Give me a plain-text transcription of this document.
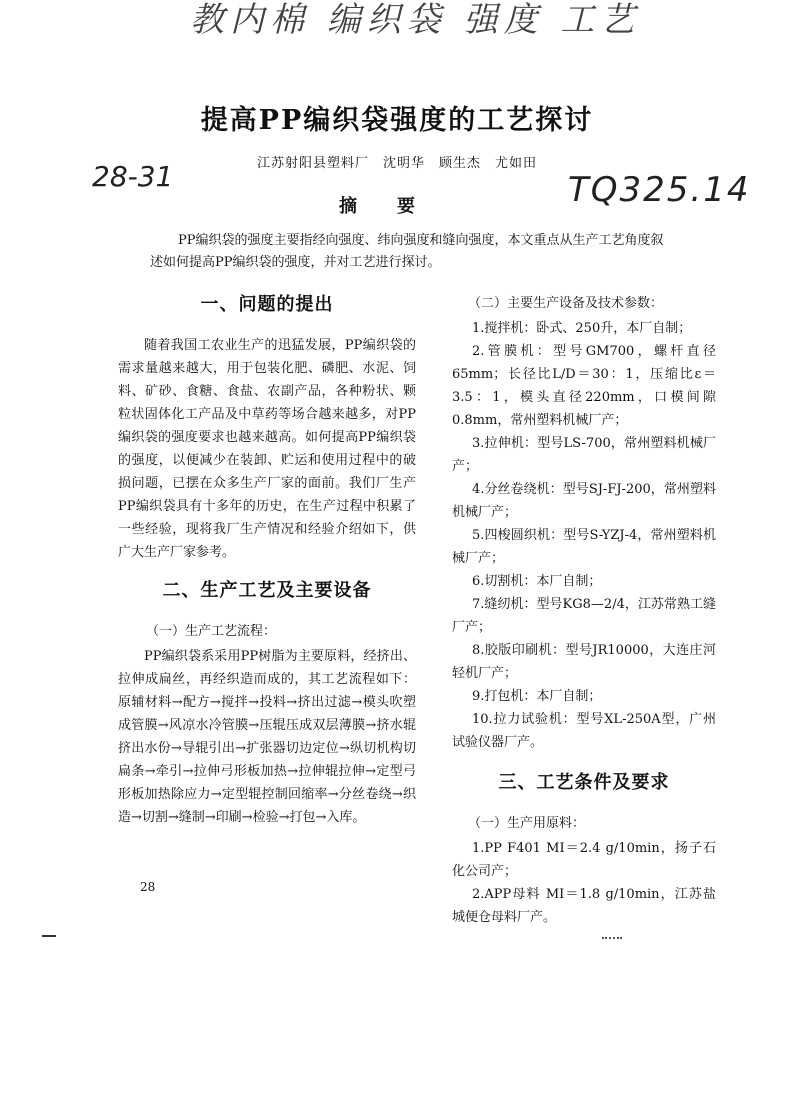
教内棉 编织袋 强度 工艺
28-31	TQ325.14
提高PP编织袋强度的工艺探讨
江苏射阳县塑料厂　沈明华　顾生杰　尤如田
摘要
PP编织袋的强度主要指经向强度、纬向强度和缝向强度，本文重点从生产工艺角度叙述如何提高PP编织袋的强度，并对工艺进行探讨。
一、问题的提出

随着我国工农业生产的迅猛发展，PP编织袋的需求量越来越大，用于包装化肥、磷肥、水泥、饲料、矿砂、食糖、食盐、农副产品，各种粉状、颗粒状固体化工产品及中草药等场合越来越多，对PP编织袋的强度要求也越来越高。如何提高PP编织袋的强度，以便减少在装卸、贮运和使用过程中的破损问题，已摆在众多生产厂家的面前。我们厂生产PP编织袋具有十多年的历史，在生产过程中积累了一些经验，现将我厂生产情况和经验介绍如下，供广大生产厂家参考。

二、生产工艺及主要设备
（一）生产工艺流程：

PP编织袋系采用PP树脂为主要原料，经挤出、拉伸成扁丝，再经织造而成的，其工艺流程如下：原辅材料→配方→搅拌→投料→挤出过滤→模头吹塑成管膜→风凉水冷管膜→压辊压成双层薄膜→挤水辊挤出水份→导辊引出→扩张器切边定位→纵切机构切扁条→牵引→拉伸弓形板加热→拉伸辊拉伸→定型弓形板加热除应力→定型辊控制回缩率→分丝卷绕→织造→切割→缝制→印刷→检验→打包→入库。

（二）主要生产设备及技术参数：

1.搅拌机：卧式、250升，本厂自制；

2.管膜机：型号GM700，螺杆直径65mm；长径比L/D＝30：1，压缩比ε＝3.5：1，模头直径220mm，口模间隙0.8mm，常州塑料机械厂产；

3.拉伸机：型号LS-700，常州塑料机械厂产；

4.分丝卷绕机：型号SJ-FJ-200，常州塑料机械厂产；

5.四梭圆织机：型号S-YZJ-4，常州塑料机械厂产；

6.切割机：本厂自制；

7.缝纫机：型号KG8—2/4，江苏常熟工缝厂产；

8.胶版印刷机：型号JR10000，大连庄河轻机厂产；

9.打包机：本厂自制；

10.拉力试验机：型号XL-250A型，广州试验仪器厂产。

三、工艺条件及要求
（一）生产用原料：

1.PP F401 MI＝2.4 g/10min，扬子石化公司产；

2.APP母料 MI＝1.8 g/10min，江苏盐城便仓母料厂产。

28
